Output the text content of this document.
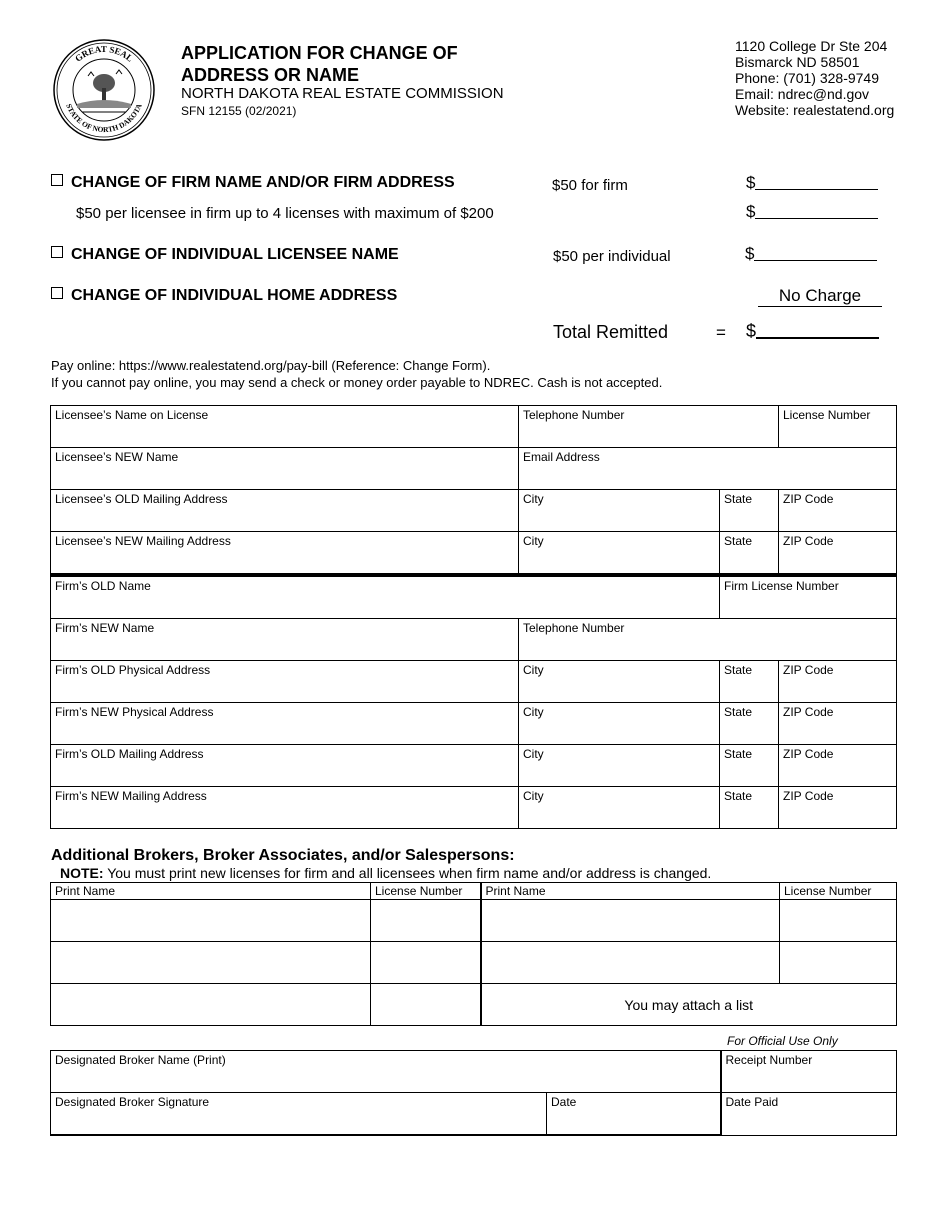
GREAT SEAL
STATE OF NORTH DAKOTA
APPLICATION FOR CHANGE OF
ADDRESS OR NAME
NORTH DAKOTA REAL ESTATE COMMISSION
SFN 12155 (02/2021)
1120 College Dr Ste 204
Bismarck ND 58501
Phone: (701) 328-9749
Email: ndrec@nd.gov
Website: realestatend.org
CHANGE OF FIRM NAME AND/OR FIRM ADDRESS	$50 for firm	$
$50 per licensee in firm up to 4 licenses with maximum of $200	$
CHANGE OF INDIVIDUAL LICENSEE NAME	$50 per individual	$
CHANGE OF INDIVIDUAL HOME ADDRESS	No Charge
Total Remitted	= $
Pay online: https://www.realestatend.org/pay-bill (Reference: Change Form).
If you cannot pay online, you may send a check or money order payable to NDREC. Cash is not accepted.
Licensee’s Name on License	Telephone Number		License Number
Licensee’s NEW Name	Email Address		
Licensee’s OLD Mailing Address	City	State	ZIP Code
Licensee’s NEW Mailing Address	City	State	ZIP Code
Firm’s OLD Name		Firm License Number	
Firm’s NEW Name	Telephone Number		
Firm’s OLD Physical Address	City	State	ZIP Code
Firm’s NEW Physical Address	City	State	ZIP Code
Firm’s OLD Mailing Address	City	State	ZIP Code
Firm’s NEW Mailing Address	City	State	ZIP Code
Additional Brokers, Broker Associates, and/or Salespersons:
NOTE: You must print new licenses for firm and all licensees when firm name and/or address is changed.
Print Name	License Number	Print Name	License Number

		You may attach a list	
For Official Use Only
Designated Broker Name (Print)		Receipt Number
Designated Broker Signature	Date	Date Paid
